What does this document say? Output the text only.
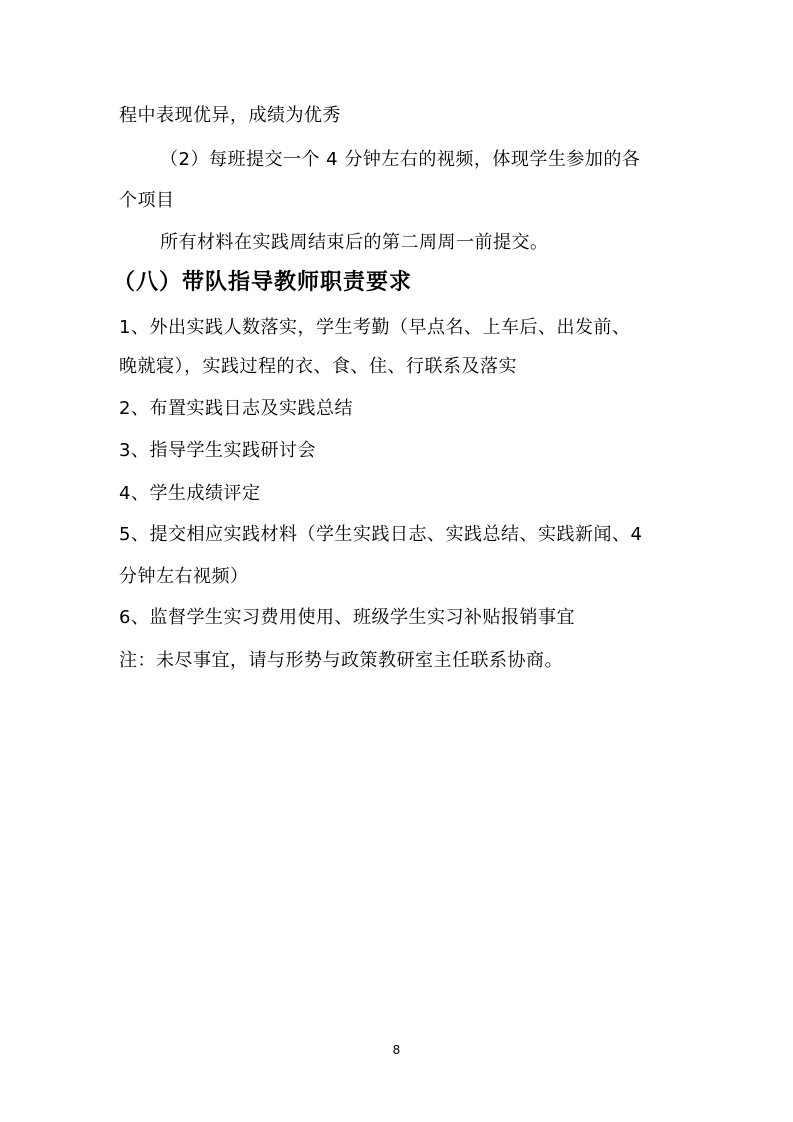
程中表现优异，成绩为优秀
（2）每班提交一个 4 分钟左右的视频，体现学生参加的各
个项目
所有材料在实践周结束后的第二周周一前提交。
（八）带队指导教师职责要求
1、外出实践人数落实，学生考勤（早点名、上车后、出发前、
晚就寝），实践过程的衣、食、住、行联系及落实
2、布置实践日志及实践总结
3、指导学生实践研讨会
4、学生成绩评定
5、提交相应实践材料（学生实践日志、实践总结、实践新闻、4
分钟左右视频）
6、监督学生实习费用使用、班级学生实习补贴报销事宜
注：未尽事宜，请与形势与政策教研室主任联系协商。
8
